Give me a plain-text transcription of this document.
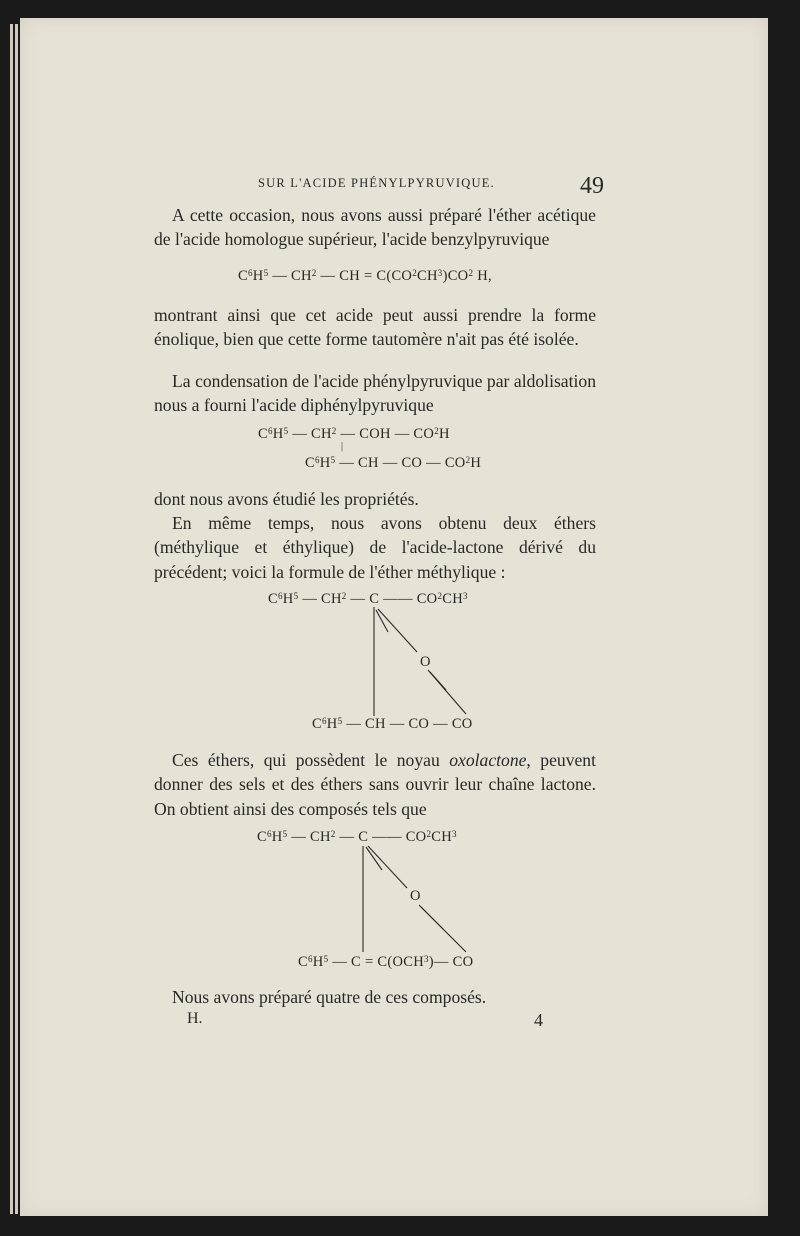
SUR L'ACIDE PHÉNYLPYRUVIQUE.	49
A cette occasion, nous avons aussi préparé l'éther acétique de l'acide homologue supérieur, l'acide benzylpyruvique
$C^6H^5$ — $CH^2$ — CH = $C(CO^2CH^3)CO^2$ H,
montrant ainsi que cet acide peut aussi prendre la forme énolique, bien que cette forme tautomère n'ait pas été isolée.
La condensation de l'acide phénylpyruvique par aldolisation nous a fourni l'acide diphénylpyruvique
$C^6H^5$ — $CH^2$ — COH — $CO^2H$
|
$C^6H^5$ — CH — CO — $CO^2H$
dont nous avons étudié les propriétés.
En même temps, nous avons obtenu deux éthers (méthylique et éthylique) de l'acide-lactone dérivé du précédent; voici la formule de l'éther méthylique :
$C^6H^5$ — $CH^2$ — C —— $CO^2CH^3$
O
$C^6H^5$ — CH — CO — CO
Ces éthers, qui possèdent le noyau oxolactone, peuvent donner des sels et des éthers sans ouvrir leur chaîne lactone. On obtient ainsi des composés tels que
$C^6H^5$ — $CH^2$ — C —— $CO^2CH^3$
O
$C^6H^5$ — $C = C(OCH^3)—$ CO
Nous avons préparé quatre de ces composés.
H.	4
